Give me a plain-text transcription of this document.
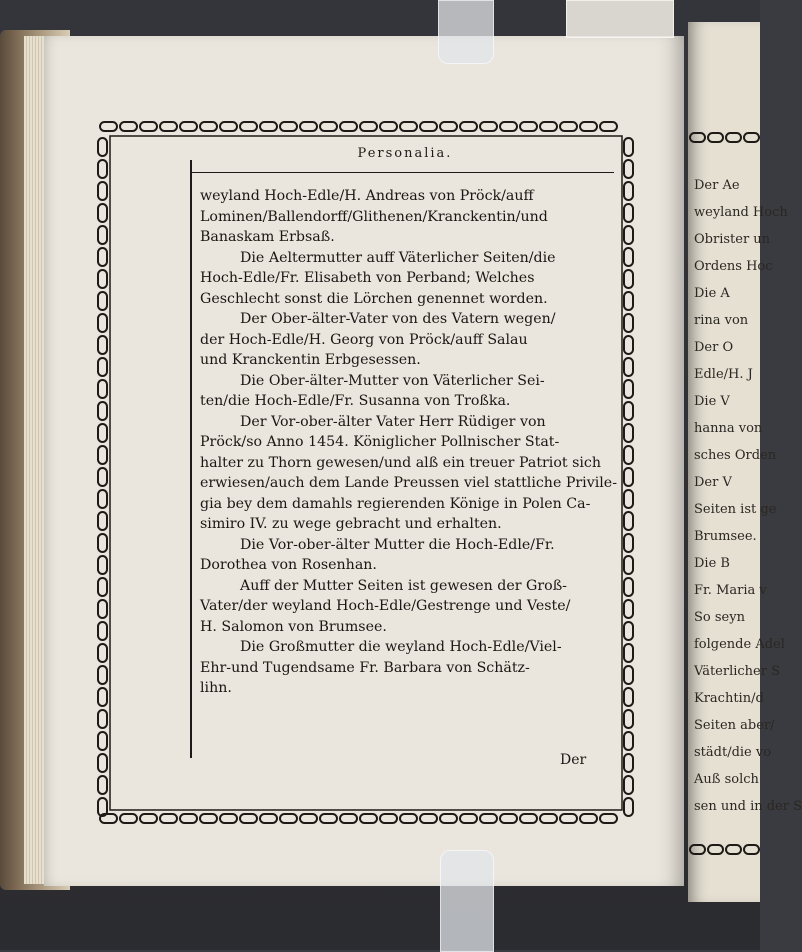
Der Ae
weyland Hoch
Obrister un
Ordens Hoc
Die A
rina von
Der O
Edle/H. J
Die V
hanna von
sches Orden
Der V
Seiten ist ge
Brumsee.
Die B
Fr. Maria v
So seyn
folgende Adel
Väterlicher S
Krachtin/d
Seiten aber/
städt/die vo
Auß solch
sen und in der S
Personalia.
weyland Hoch-Edle/H. Andreas von Pröck/auff
Lominen/Ballendorff/Glithenen/Kranckentin/und
Banaskam Erbsaß.
Die Aeltermutter auff Väterlicher Seiten/die
Hoch-Edle/Fr. Elisabeth von Perband; Welches
Geschlecht sonst die Lörchen genennet worden.
Der Ober-älter-Vater von des Vatern wegen/
der Hoch-Edle/H. Georg von Pröck/auff Salau
und Kranckentin Erbgesessen.
Die Ober-älter-Mutter von Väterlicher Sei-
ten/die Hoch-Edle/Fr. Susanna von Troßka.
Der Vor-ober-älter Vater Herr Rüdiger von
Pröck/so Anno 1454. Königlicher Pollnischer Stat-
halter zu Thorn gewesen/und alß ein treuer Patriot sich
erwiesen/auch dem Lande Preussen viel stattliche Privile-
gia bey dem damahls regierenden Könige in Polen Ca-
simiro IV. zu wege gebracht und erhalten.
Die Vor-ober-älter Mutter die Hoch-Edle/Fr.
Dorothea von Rosenhan.
Auff der Mutter Seiten ist gewesen der Groß-
Vater/der weyland Hoch-Edle/Gestrenge und Veste/
H. Salomon von Brumsee.
Die Großmutter die weyland Hoch-Edle/Viel-
Ehr-und Tugendsame Fr. Barbara von Schätz-
lihn.
Der
